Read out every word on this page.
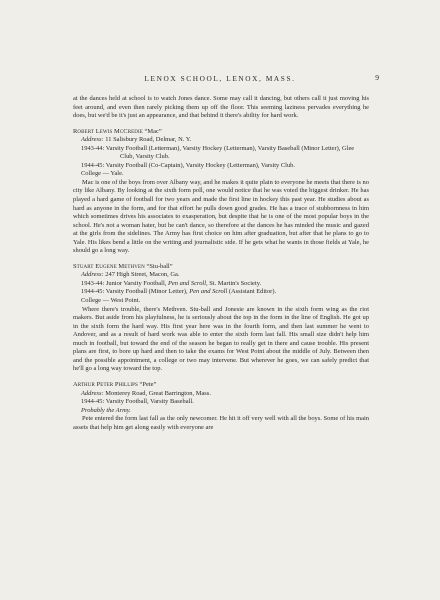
LENOX SCHOOL, LENOX, MASS.	9

at the dances held at school is to watch Jones dance. Some may call it dancing, but others call it just moving his feet around, and even then rarely picking them up off the floor. This seeming laziness pervades everything he does, but we'd be it's just an appearance, and that behind it there's ability for hard work.

Robert Lewis McCredie “Mac”

Address: 11 Salisbury Road, Delmar, N. Y.

1943-44: Varsity Football (Letterman), Varsity Hockey (Letterman), Varsity Baseball (Minor Letter), Glee Club, Varsity Club.

1944-45: Varsity Football (Co-Captain), Varsity Hockey (Letterman), Varsity Club.

College — Yale.

Mac is one of the boys from over Albany way, and he makes it quite plain to everyone he meets that there is no city like Albany. By looking at the sixth form poll, one would notice that he was voted the biggest drinker. He has played a hard game of football for two years and made the first line in hockey this past year. He studies about as hard as anyone in the form, and for that effort he pulls down good grades. He has a trace of stubbornness in him which sometimes drives his associates to exasperation, but despite that he is one of the most popular boys in the school. He's not a woman hater, but he can't dance, so therefore at the dances he has minded the music and gazed at the girls from the sidelines. The Army has first choice on him after graduation, but after that he plans to go to Yale. His likes bend a little on the writing and journalistic side. If he gets what he wants in those fields at Yale, he should go a long way.

Stuart Eugene Methven “Stu-ball”

Address: 247 High Street, Macon, Ga.

1943-44: Junior Varsity Football, Pen and Scroll, St. Martin's Society.

1944-45: Varsity Football (Minor Letter), Pen and Scroll (Assistant Editor).

College — West Point.

Where there's trouble, there's Methven. Stu-ball and Jonesie are known in the sixth form wing as the riot makers. But aside from his playfulness, he is seriously about the top in the form in the line of English. He got up in the sixth form the hard way. His first year here was in the fourth form, and then last summer he went to Andover, and as a result of hard work was able to enter the sixth form last fall. His small size didn't help him much in football, but toward the end of the season he began to really get in there and cause trouble. His present plans are first, to bore up hard and then to take the exams for West Point about the middle of July. Between then and the possible appointment, a college or two may intervene. But wherever he goes, we can safely predict that he'll go a long way toward the top.

Arthur Peter Phillips “Pete”

Address: Monterey Road, Great Barrington, Mass.

1944-45: Varsity Football, Varsity Baseball.

Probably the Army.

Pete entered the form last fall as the only newcomer. He hit it off very well with all the boys. Some of his main assets that help him get along easily with everyone are
